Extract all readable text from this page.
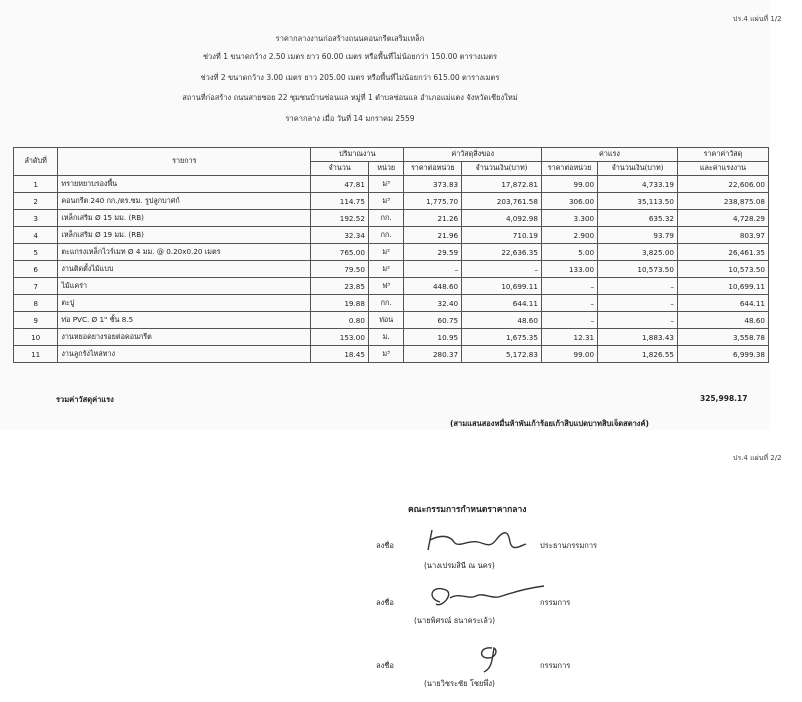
ปร.4 แผ่นที่ 1/2
ราคากลางงานก่อสร้างถนนคอนกรีตเสริมเหล็ก
ช่วงที่ 1 ขนาดกว้าง 2.50 เมตร ยาว 60.00 เมตร หรือพื้นที่ไม่น้อยกว่า 150.00 ตารางเมตร
ช่วงที่ 2 ขนาดกว้าง 3.00 เมตร ยาว 205.00 เมตร หรือพื้นที่ไม่น้อยกว่า 615.00 ตารางเมตร
สถานที่ก่อสร้าง ถนนสายซอย 22 ชุมชนบ้านซ่อนแล หมู่ที่ 1 ตำบลซ่อนแล อำเภอแม่แตง จังหวัดเชียงใหม่
ราคากลาง เมื่อ วันที่ 14 มกราคม 2559
ลำดับที่	รายการ	ปริมาณงาน		ค่าวัสดุสิ่งของ		ค่าแรง		ราคาค่าวัสดุ
		จำนวน	หน่วย	ราคาต่อหน่วย	จำนวนเงิน(บาท)	ราคาต่อหน่วย	จำนวนเงิน(บาท)	และค่าแรงงาน
1	ทรายหยาบรองพื้น	47.81	ม³	373.83	17,872.81	99.00	4,733.19	22,606.00
2	คอนกรีต 240 กก./ตร.ซม. รูปลูกบาศก์	114.75	ม³	1,775.70	203,761.58	306.00	35,113.50	238,875.08
3	เหล็กเสริม Ø 15 มม. (RB)	192.52	กก.	21.26	4,092.98	3.300	635.32	4,728.29
4	เหล็กเสริม Ø 19 มม. (RB)	32.34	กก.	21.96	710.19	2.900	93.79	803.97
5	ตะแกรงเหล็กไวร์เมท Ø 4 มม. @ 0.20x0.20 เมตร	765.00	ม²	29.59	22,636.35	5.00	3,825.00	26,461.35
6	งานติดตั้งไม้แบบ	79.50	ม²	–	–	133.00	10,573.50	10,573.50
7	ไม้แคร่า	23.85	ฟ³	448.60	10,699.11	–	–	10,699.11
8	ตะปู	19.88	กก.	32.40	644.11	–	–	644.11
9	ท่อ PVC. Ø 1" ชั้น 8.5	0.80	ท่อน	60.75	48.60	–	–	48.60
10	งานหยอดยางรอยต่อคอนกรีต	153.00	ม.	10.95	1,675.35	12.31	1,883.43	3,558.78
11	งานลูกรังไหล่ทาง	18.45	ม³	280.37	5,172.83	99.00	1,826.55	6,999.38
รวมค่าวัสดุค่าแรง	325,998.17
(สามแสนสองหมื่นห้าพันเก้าร้อยเก้าสิบแปดบาทสิบเจ็ดสตางค์)
ปร.4 แผ่นที่ 2/2
คณะกรรมการกำหนดราคากลาง
ลงชื่อ	ประธานกรรมการ
(นางเปรมสินี ณ นคร)
ลงชื่อ	กรรมการ
(นายพิศรณ์ ธนาคระเล้ว)
ลงชื่อ	กรรมการ
(นายวิชระชัย โชยพึ่ง)
